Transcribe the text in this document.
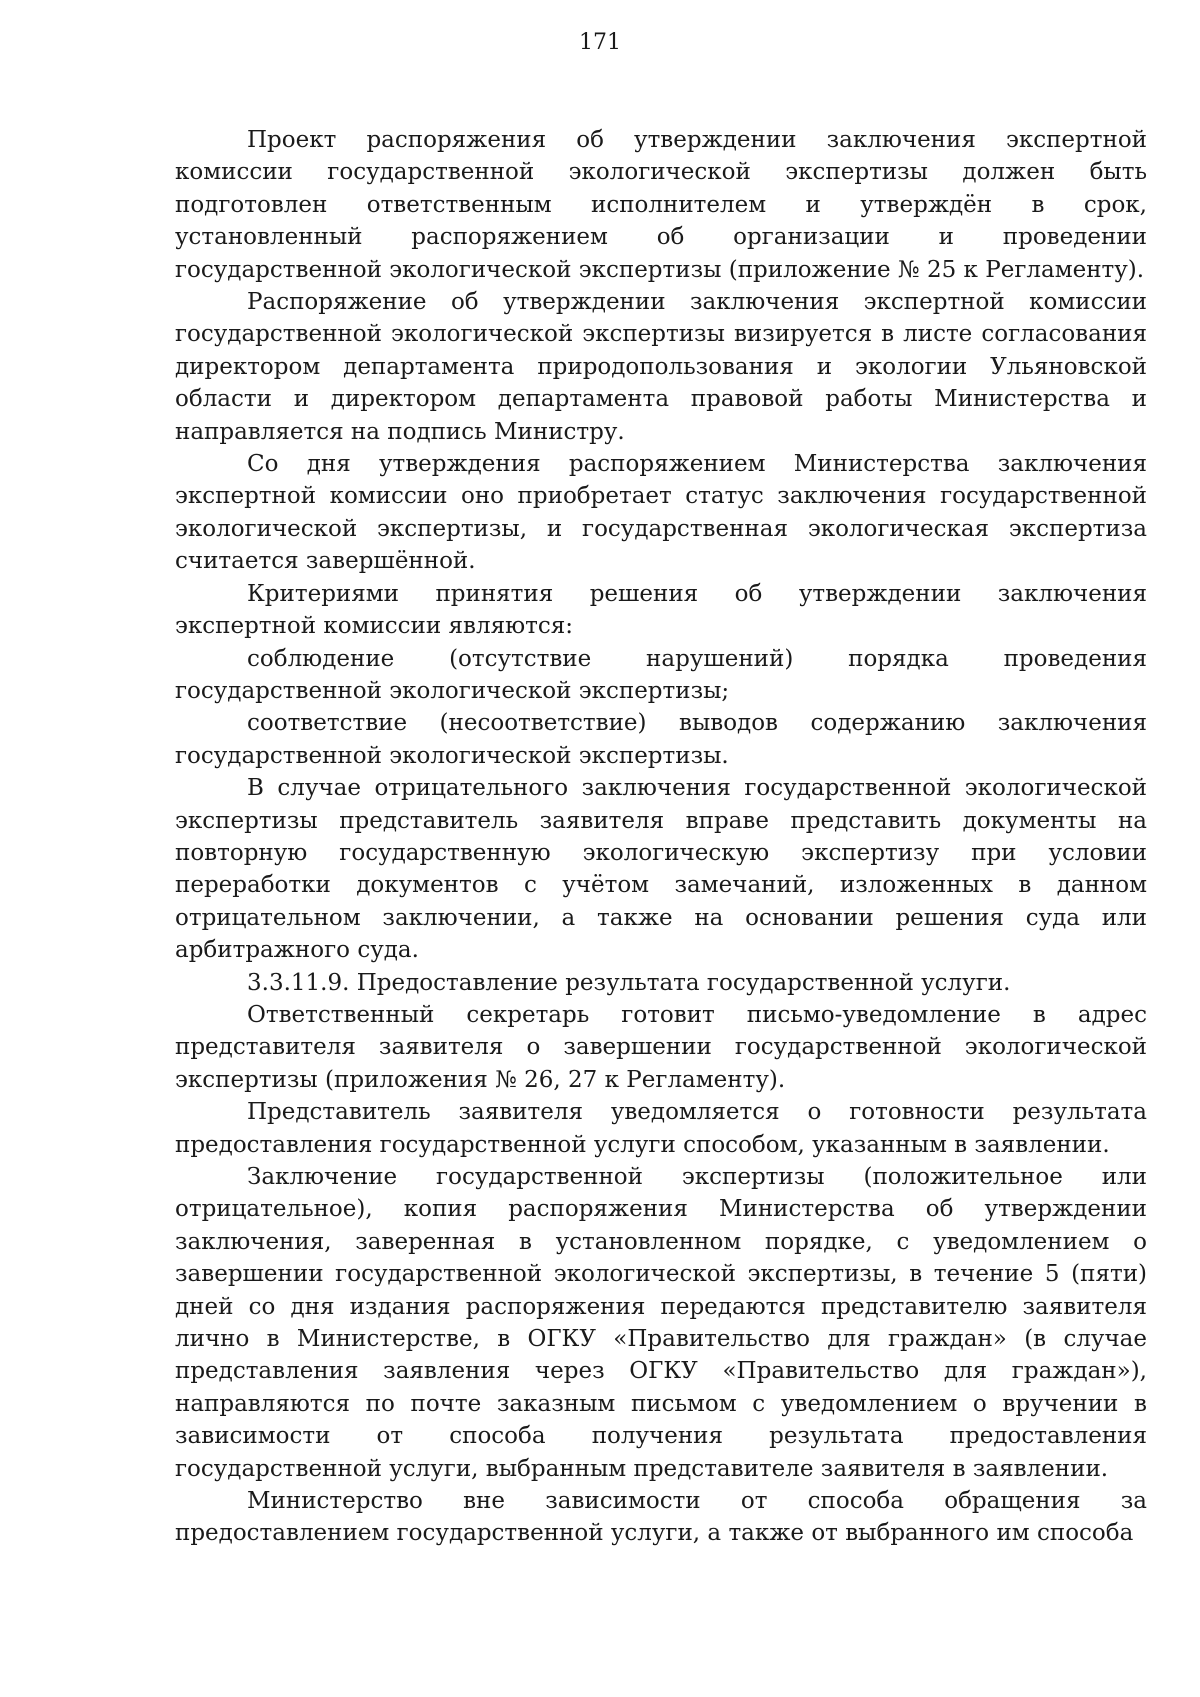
171

Проект распоряжения об утверждении заключения экспертной комиссии государственной экологической экспертизы должен быть подготовлен ответственным исполнителем и утверждён в срок, установленный распоряжением об организации и проведении государственной экологической экспертизы (приложение № 25 к Регламенту).

Распоряжение об утверждении заключения экспертной комиссии государственной экологической экспертизы визируется в листе согласования директором департамента природопользования и экологии Ульяновской области и директором департамента правовой работы Министерства и направляется на подпись Министру.

Со дня утверждения распоряжением Министерства заключения экспертной комиссии оно приобретает статус заключения государственной экологической экспертизы, и государственная экологическая экспертиза считается завершённой.

Критериями принятия решения об утверждении заключения экспертной комиссии являются:

соблюдение (отсутствие нарушений) порядка проведения государственной экологической экспертизы;

соответствие (несоответствие) выводов содержанию заключения государственной экологической экспертизы.

В случае отрицательного заключения государственной экологической экспертизы представитель заявителя вправе представить документы на повторную государственную экологическую экспертизу при условии переработки документов с учётом замечаний, изложенных в данном отрицательном заключении, а также на основании решения суда или арбитражного суда.

3.3.11.9. Предоставление результата государственной услуги.

Ответственный секретарь готовит письмо-уведомление в адрес представителя заявителя о завершении государственной экологической экспертизы (приложения № 26, 27 к Регламенту).

Представитель заявителя уведомляется о готовности результата предоставления государственной услуги способом, указанным в заявлении.

Заключение государственной экспертизы (положительное или отрицательное), копия распоряжения Министерства об утверждении заключения, заверенная в установленном порядке, с уведомлением о завершении государственной экологической экспертизы, в течение 5 (пяти) дней со дня издания распоряжения передаются представителю заявителя лично в Министерстве, в ОГКУ «Правительство для граждан» (в случае представления заявления через ОГКУ «Правительство для граждан»), направляются по почте заказным письмом с уведомлением о вручении в зависимости от способа получения результата предоставления государственной услуги, выбранным представителе заявителя в заявлении.

Министерство вне зависимости от способа обращения за предоставлением государственной услуги, а также от выбранного им способа
